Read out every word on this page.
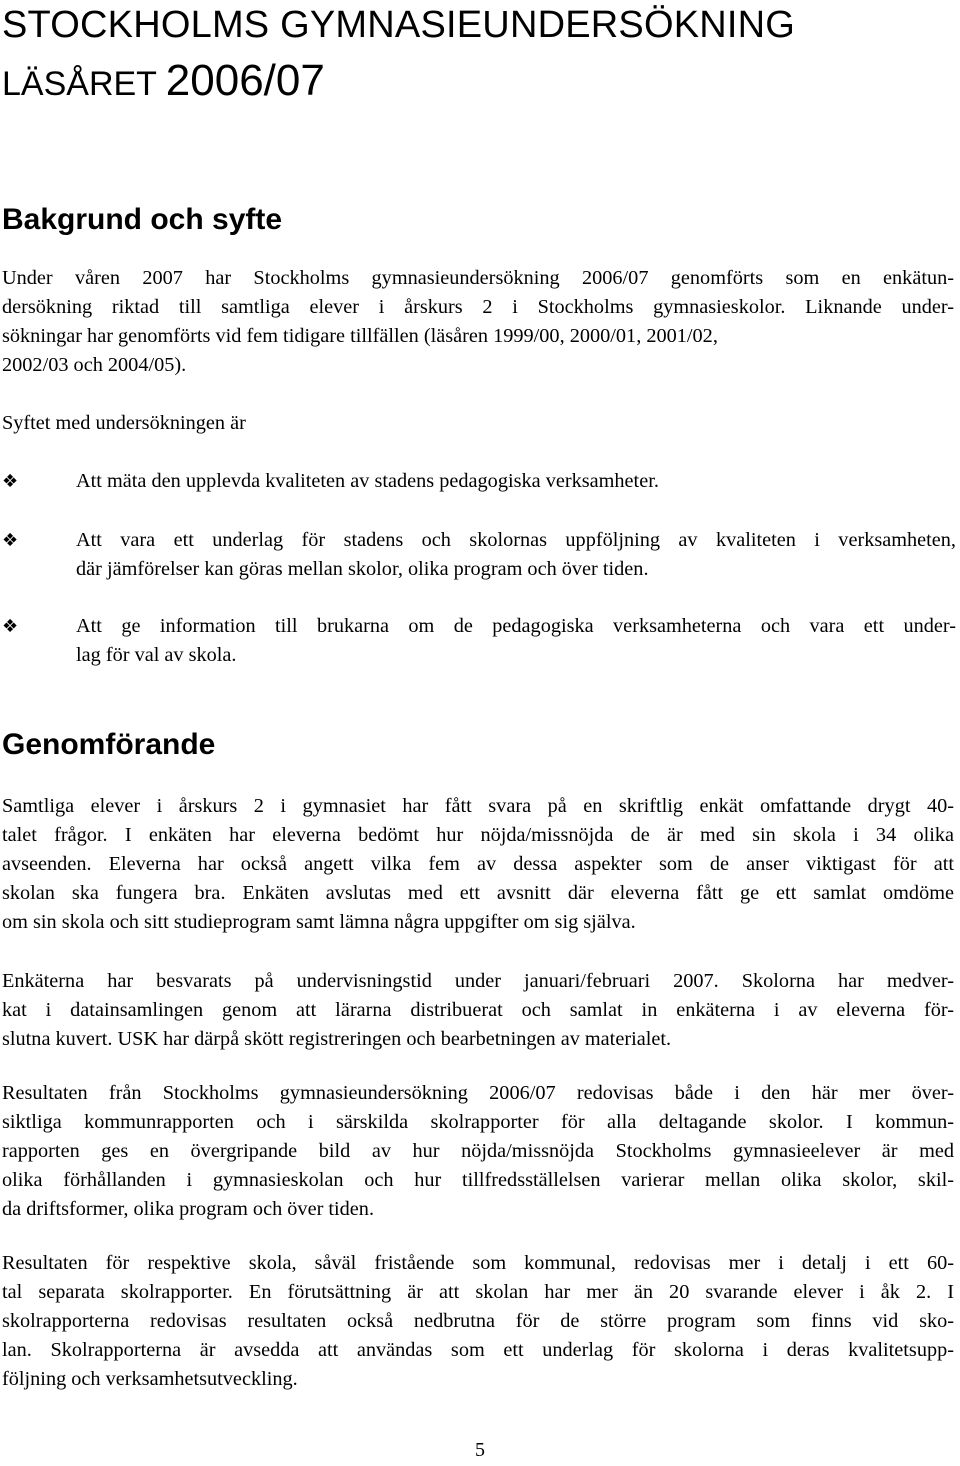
STOCKHOLMS GYMNASIEUNDERSÖKNING
LÄSÅRET 2006/07
Bakgrund och syfte
Under våren 2007 har Stockholms gymnasieundersökning 2006/07 genomförts som en enkätun-
dersökning riktad till samtliga elever i årskurs 2 i Stockholms gymnasieskolor. Liknande under-
sökningar har genomförts vid fem tidigare tillfällen (läsåren 1999/00, 2000/01, 2001/02,
2002/03 och 2004/05).
Syftet med undersökningen är
❖	Att mäta den upplevda kvaliteten av stadens pedagogiska verksamheter.
❖	Att vara ett underlag för stadens och skolornas uppföljning av kvaliteten i verksamheten,
där jämförelser kan göras mellan skolor, olika program och över tiden.
❖	Att ge information till brukarna om de pedagogiska verksamheterna och vara ett under-
lag för val av skola.
Genomförande
Samtliga elever i årskurs 2 i gymnasiet har fått svara på en skriftlig enkät omfattande drygt 40-
talet frågor. I enkäten har eleverna bedömt hur nöjda/missnöjda de är med sin skola i 34 olika
avseenden. Eleverna har också angett vilka fem av dessa aspekter som de anser viktigast för att
skolan ska fungera bra. Enkäten avslutas med ett avsnitt där eleverna fått ge ett samlat omdöme
om sin skola och sitt studieprogram samt lämna några uppgifter om sig själva.
Enkäterna har besvarats på undervisningstid under januari/februari 2007. Skolorna har medver-
kat i datainsamlingen genom att lärarna distribuerat och samlat in enkäterna i av eleverna för-
slutna kuvert. USK har därpå skött registreringen och bearbetningen av materialet.
Resultaten från Stockholms gymnasieundersökning 2006/07 redovisas både i den här mer över-
siktliga kommunrapporten och i särskilda skolrapporter för alla deltagande skolor. I kommun-
rapporten ges en övergripande bild av hur nöjda/missnöjda Stockholms gymnasieelever är med
olika förhållanden i gymnasieskolan och hur tillfredsställelsen varierar mellan olika skolor, skil-
da driftsformer, olika program och över tiden.
Resultaten för respektive skola, såväl fristående som kommunal, redovisas mer i detalj i ett 60-
tal separata skolrapporter. En förutsättning är att skolan har mer än 20 svarande elever i åk 2. I
skolrapporterna redovisas resultaten också nedbrutna för de större program som finns vid sko-
lan. Skolrapporterna är avsedda att användas som ett underlag för skolorna i deras kvalitetsupp-
följning och verksamhetsutveckling.
5
